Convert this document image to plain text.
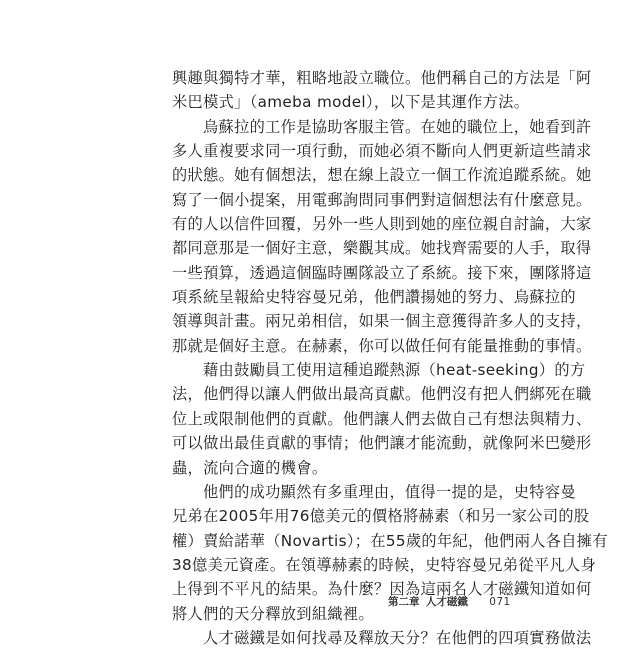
興趣與獨特才華，粗略地設立職位。他們稱自己的方法是「阿
米巴模式」（ameba model），以下是其運作方法。
烏蘇拉的工作是協助客服主管。在她的職位上，她看到許
多人重複要求同一項行動，而她必須不斷向人們更新這些請求
的狀態。她有個想法，想在線上設立一個工作流追蹤系統。她
寫了一個小提案，用電郵詢問同事們對這個想法有什麼意見。
有的人以信件回覆，另外一些人則到她的座位親自討論，大家
都同意那是一個好主意，樂觀其成。她找齊需要的人手，取得
一些預算，透過這個臨時團隊設立了系統。接下來，團隊將這
項系統呈報給史特容曼兄弟，他們讚揚她的努力、烏蘇拉的
領導與計畫。兩兄弟相信，如果一個主意獲得許多人的支持，
那就是個好主意。在赫素，你可以做任何有能量推動的事情。
藉由鼓勵員工使用這種追蹤熱源（heat-seeking）的方
法，他們得以讓人們做出最高貢獻。他們沒有把人們綁死在職
位上或限制他們的貢獻。他們讓人們去做自己有想法與精力、
可以做出最佳貢獻的事情；他們讓才能流動，就像阿米巴變形
蟲，流向合適的機會。
他們的成功顯然有多重理由，值得一提的是，史特容曼
兄弟在2005年用76億美元的價格將赫素（和另一家公司的股
權）賣給諾華（Novartis）；在55歲的年紀，他們兩人各自擁有
38億美元資產。在領導赫素的時候，史特容曼兄弟從平凡人身
上得到不平凡的結果。為什麼？因為這兩名人才磁鐵知道如何
將人們的天分釋放到組織裡。
人才磁鐵是如何找尋及釋放天分？在他們的四項實務做法
第二章 人才磁鐵 071
